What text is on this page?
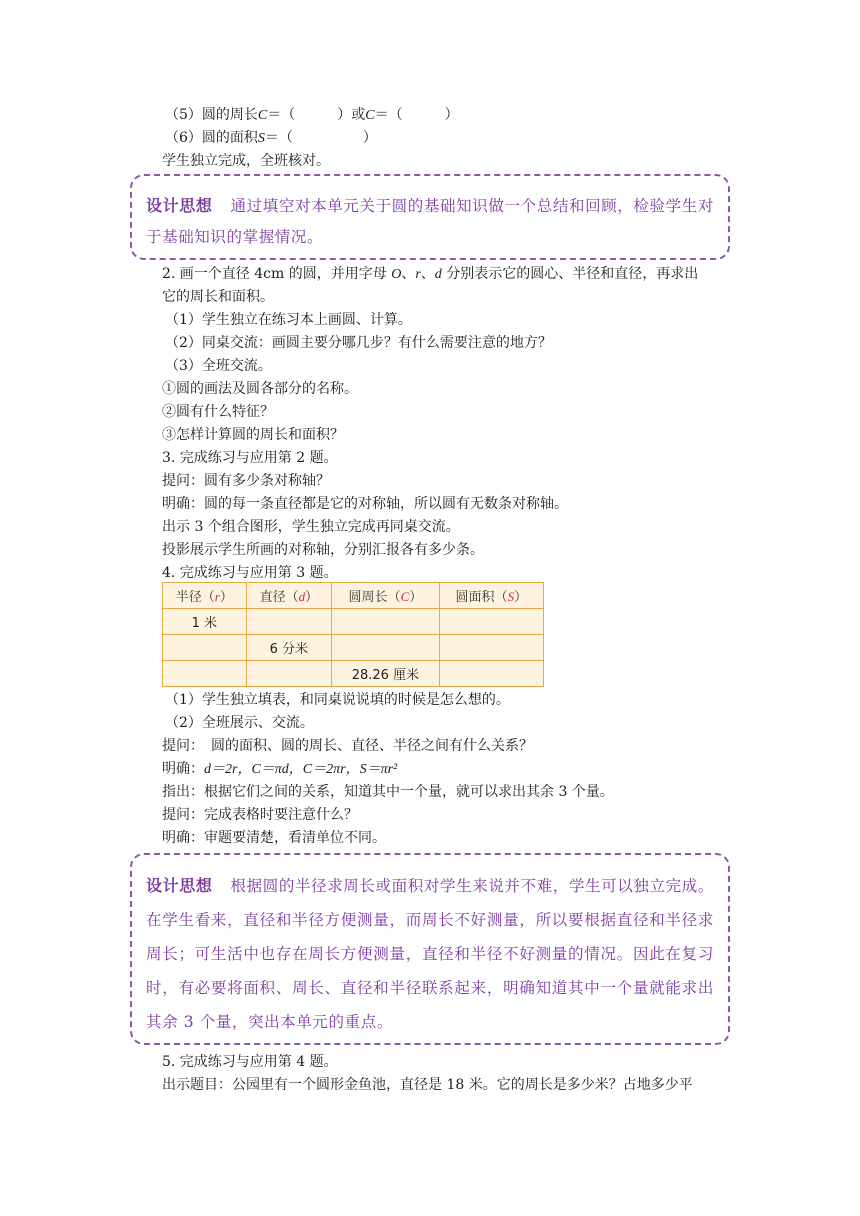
（5）圆的周长C＝（　　　）或C＝（　　　）
（6）圆的面积S＝（　　　　　）
学生独立完成，全班核对。
设计思想 通过填空对本单元关于圆的基础知识做一个总结和回顾，检验学生对于基础知识的掌握情况。
2. 画一个直径 4cm 的圆，并用字母 O、r、d 分别表示它的圆心、半径和直径，再求出
它的周长和面积。
（1）学生独立在练习本上画圆、计算。
（2）同桌交流：画圆主要分哪几步？有什么需要注意的地方？
（3）全班交流。
①圆的画法及圆各部分的名称。
②圆有什么特征？
③怎样计算圆的周长和面积？
3. 完成练习与应用第 2 题。
提问：圆有多少条对称轴？
明确：圆的每一条直径都是它的对称轴，所以圆有无数条对称轴。
出示 3 个组合图形，学生独立完成再同桌交流。
投影展示学生所画的对称轴，分别汇报各有多少条。
4. 完成练习与应用第 3 题。
半径（r）	直径（d）	圆周长（C）	圆面积（S）
1 米			
	6 分米		
		28.26 厘米	
（1）学生独立填表，和同桌说说填的时候是怎么想的。
（2）全班展示、交流。
提问：　圆的面积、圆的周长、直径、半径之间有什么关系？
明确：d＝2r，C＝πd，C＝2πr，S＝πr²
指出：根据它们之间的关系，知道其中一个量，就可以求出其余 3 个量。
提问：完成表格时要注意什么？
明确：审题要清楚，看清单位不同。
设计思想 根据圆的半径求周长或面积对学生来说并不难，学生可以独立完成。在学生看来，直径和半径方便测量，而周长不好测量，所以要根据直径和半径求周长；可生活中也存在周长方便测量，直径和半径不好测量的情况。因此在复习时，有必要将面积、周长、直径和半径联系起来，明确知道其中一个量就能求出其余 3 个量，突出本单元的重点。
5. 完成练习与应用第 4 题。
出示题目：公园里有一个圆形金鱼池，直径是 18 米。它的周长是多少米？占地多少平
